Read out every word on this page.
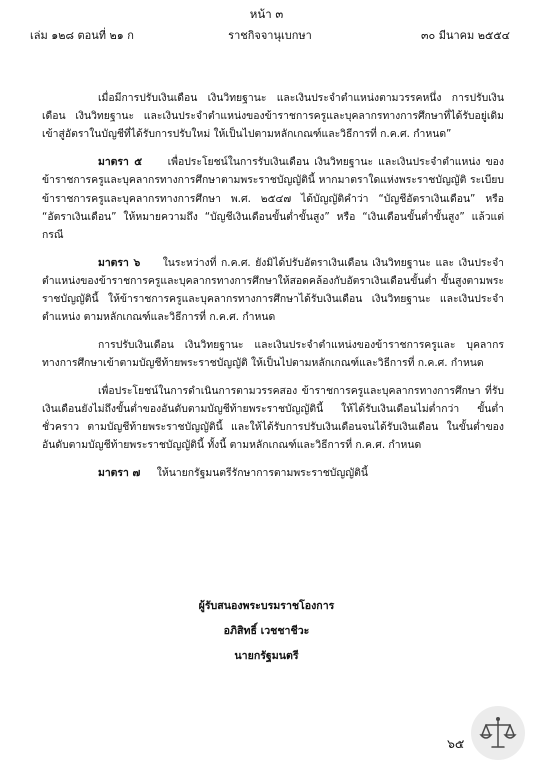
หน้า ๓
เล่ม ๑๒๘ ตอนที่ ๒๑ ก	ราชกิจจานุเบกษา	๓๐ มีนาคม ๒๕๕๔

เมื่อมีการปรับเงินเดือน เงินวิทยฐานะ และเงินประจำตำแหน่งตามวรรคหนึ่ง การปรับเงินเดือน เงินวิทยฐานะ และเงินประจำตำแหน่งของข้าราชการครูและบุคลากรทางการศึกษาที่ได้รับอยู่เดิม เข้าสู่อัตราในบัญชีที่ได้รับการปรับใหม่ ให้เป็นไปตามหลักเกณฑ์และวิธีการที่ ก.ค.ศ. กำหนด”

มาตรา ๕ เพื่อประโยชน์ในการรับเงินเดือน เงินวิทยฐานะ และเงินประจำตำแหน่ง ของข้าราชการครูและบุคลากรทางการศึกษาตามพระราชบัญญัตินี้ หากมาตราใดแห่งพระราชบัญญัติ ระเบียบข้าราชการครูและบุคลากรทางการศึกษา พ.ศ. ๒๕๔๗ ได้บัญญัติคำว่า “บัญชีอัตราเงินเดือน” หรือ “อัตราเงินเดือน” ให้หมายความถึง “บัญชีเงินเดือนขั้นต่ำขั้นสูง” หรือ “เงินเดือนขั้นต่ำขั้นสูง” แล้วแต่กรณี

มาตรา ๖ ในระหว่างที่ ก.ค.ศ. ยังมิได้ปรับอัตราเงินเดือน เงินวิทยฐานะ และ เงินประจำตำแหน่งของข้าราชการครูและบุคลากรทางการศึกษาให้สอดคล้องกับอัตราเงินเดือนขั้นต่ำ ขั้นสูงตามพระราชบัญญัตินี้ ให้ข้าราชการครูและบุคลากรทางการศึกษาได้รับเงินเดือน เงินวิทยฐานะ และเงินประจำตำแหน่ง ตามหลักเกณฑ์และวิธีการที่ ก.ค.ศ. กำหนด

การปรับเงินเดือน เงินวิทยฐานะ และเงินประจำตำแหน่งของข้าราชการครูและ บุคลากรทางการศึกษาเข้าตามบัญชีท้ายพระราชบัญญัติ ให้เป็นไปตามหลักเกณฑ์และวิธีการที่ ก.ค.ศ. กำหนด

เพื่อประโยชน์ในการดำเนินการตามวรรคสอง ข้าราชการครูและบุคลากรทางการศึกษา ที่รับเงินเดือนยังไม่ถึงขั้นต่ำของอันดับตามบัญชีท้ายพระราชบัญญัตินี้ ให้ได้รับเงินเดือนไม่ต่ำกว่า ขั้นต่ำชั่วคราว ตามบัญชีท้ายพระราชบัญญัตินี้ และให้ได้รับการปรับเงินเดือนจนได้รับเงินเดือน ในขั้นต่ำของอันดับตามบัญชีท้ายพระราชบัญญัตินี้ ทั้งนี้ ตามหลักเกณฑ์และวิธีการที่ ก.ค.ศ. กำหนด

มาตรา ๗ ให้นายกรัฐมนตรีรักษาการตามพระราชบัญญัตินี้

ผู้รับสนองพระบรมราชโองการ
อภิสิทธิ์ เวชชาชีวะ
นายกรัฐมนตรี
๖๕
